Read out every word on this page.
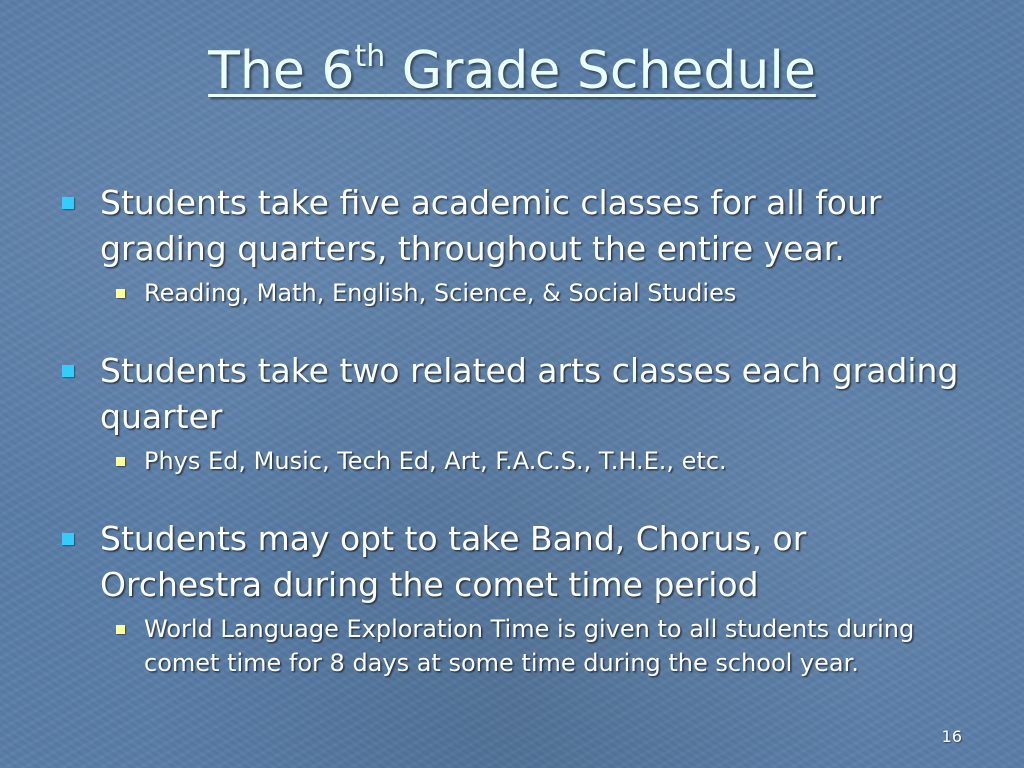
The 6th Grade Schedule
Students take five academic classes for all four grading quarters, throughout the entire year.
Reading, Math, English, Science, & Social Studies
Students take two related arts classes each grading quarter
Phys Ed, Music, Tech Ed, Art, F.A.C.S., T.H.E., etc.
Students may opt to take Band, Chorus, or Orchestra during the comet time period
World Language Exploration Time is given to all students during comet time for 8 days at some time during the school year.
16
